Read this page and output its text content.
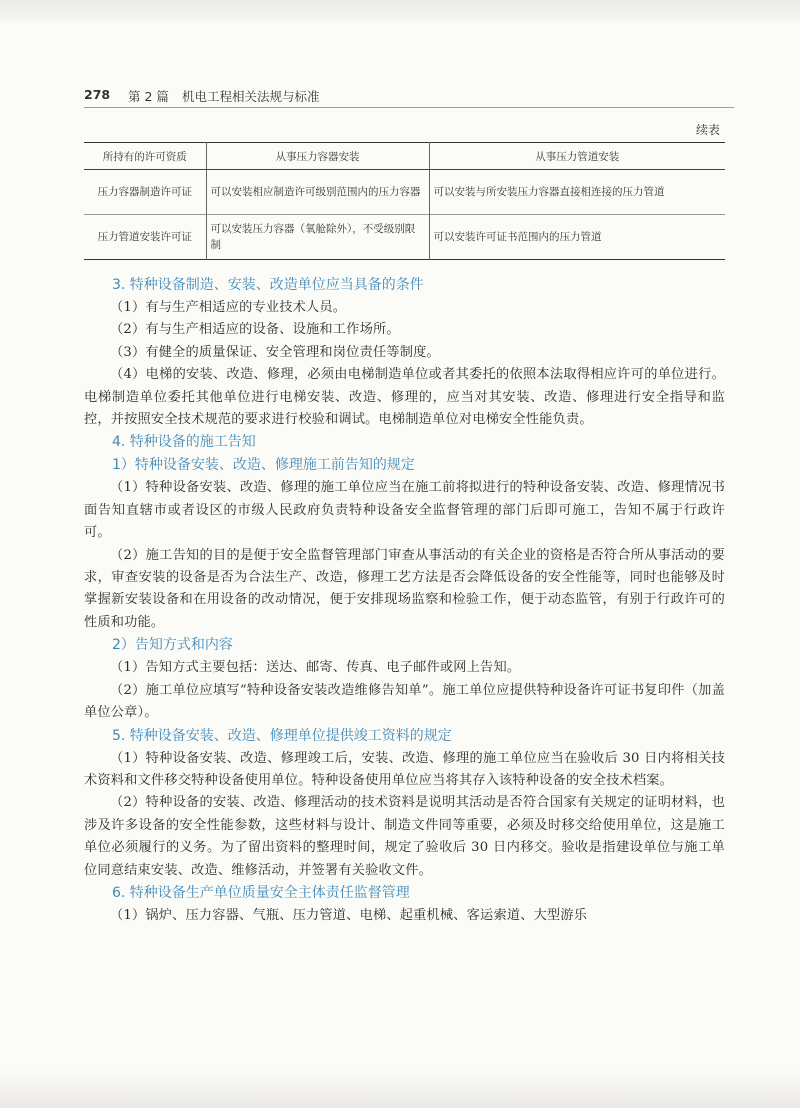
278 第 2 篇 机电工程相关法规与标准
续表
所持有的许可资质	从事压力容器安装	从事压力管道安装
压力容器制造许可证	可以安装相应制造许可级别范围内的压力容器	可以安装与所安装压力容器直接相连接的压力管道
压力管道安装许可证	可以安装压力容器（氧舱除外），不受级别限制	可以安装许可证书范围内的压力管道
3. 特种设备制造、安装、改造单位应当具备的条件

（1）有与生产相适应的专业技术人员。

（2）有与生产相适应的设备、设施和工作场所。

（3）有健全的质量保证、安全管理和岗位责任等制度。

（4）电梯的安装、改造、修理，必须由电梯制造单位或者其委托的依照本法取得相应许可的单位进行。电梯制造单位委托其他单位进行电梯安装、改造、修理的，应当对其安装、改造、修理进行安全指导和监控，并按照安全技术规范的要求进行校验和调试。电梯制造单位对电梯安全性能负责。

4. 特种设备的施工告知
1）特种设备安装、改造、修理施工前告知的规定

（1）特种设备安装、改造、修理的施工单位应当在施工前将拟进行的特种设备安装、改造、修理情况书面告知直辖市或者设区的市级人民政府负责特种设备安全监督管理的部门后即可施工，告知不属于行政许可。

（2）施工告知的目的是便于安全监督管理部门审查从事活动的有关企业的资格是否符合所从事活动的要求，审查安装的设备是否为合法生产、改造，修理工艺方法是否会降低设备的安全性能等，同时也能够及时掌握新安装设备和在用设备的改动情况，便于安排现场监察和检验工作，便于动态监管，有别于行政许可的性质和功能。

2）告知方式和内容

（1）告知方式主要包括：送达、邮寄、传真、电子邮件或网上告知。

（2）施工单位应填写“特种设备安装改造维修告知单”。施工单位应提供特种设备许可证书复印件（加盖单位公章）。

5. 特种设备安装、改造、修理单位提供竣工资料的规定

（1）特种设备安装、改造、修理竣工后，安装、改造、修理的施工单位应当在验收后 30 日内将相关技术资料和文件移交特种设备使用单位。特种设备使用单位应当将其存入该特种设备的安全技术档案。

（2）特种设备的安装、改造、修理活动的技术资料是说明其活动是否符合国家有关规定的证明材料，也涉及许多设备的安全性能参数，这些材料与设计、制造文件同等重要，必须及时移交给使用单位，这是施工单位必须履行的义务。为了留出资料的整理时间，规定了验收后 30 日内移交。验收是指建设单位与施工单位同意结束安装、改造、维修活动，并签署有关验收文件。

6. 特种设备生产单位质量安全主体责任监督管理

（1）锅炉、压力容器、气瓶、压力管道、电梯、起重机械、客运索道、大型游乐
